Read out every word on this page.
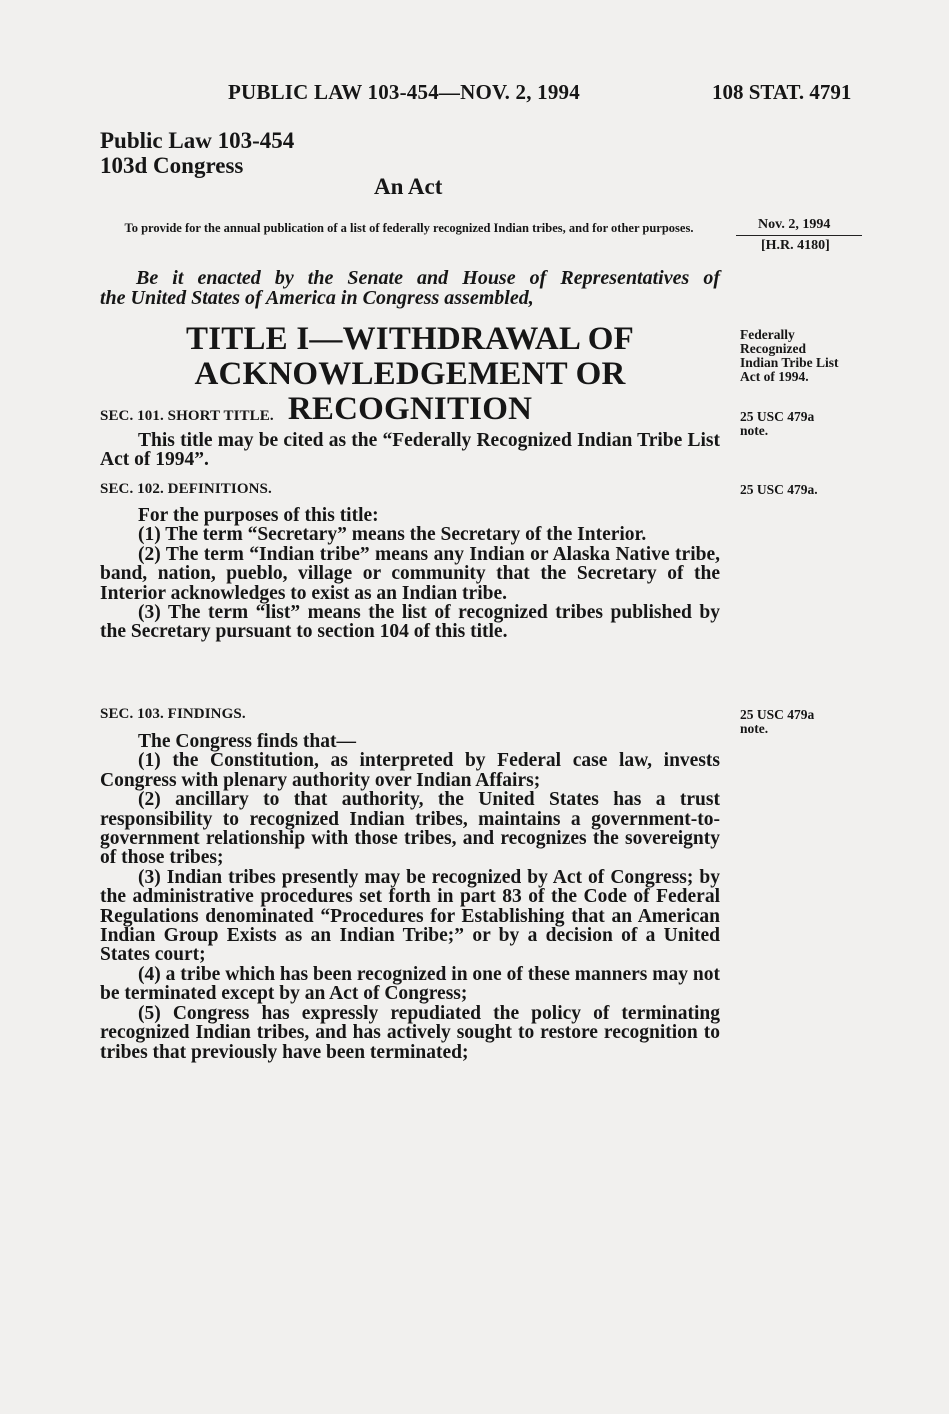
PUBLIC LAW 103-454—NOV. 2, 1994	108 STAT. 4791
Public Law 103-454
103d Congress
An Act
To provide for the annual publication of a list of federally recognized Indian tribes, and for other purposes.	Nov. 2, 1994
[H.R. 4180]
Be it enacted by the Senate and House of Representatives of
the United States of America in Congress assembled,
TITLE I—WITHDRAWAL OF
ACKNOWLEDGEMENT OR RECOGNITION
Federally
Recognized
Indian Tribe List
Act of 1994.
25 USC 479a
note.
25 USC 479a.
25 USC 479a
note.
SEC. 101. SHORT TITLE.
This title may be cited as the “Federally Recognized Indian Tribe List Act of 1994”.
SEC. 102. DEFINITIONS.
For the purposes of this title:
(1) The term “Secretary” means the Secretary of the Interior.
(2) The term “Indian tribe” means any Indian or Alaska Native tribe, band, nation, pueblo, village or community that the Secretary of the Interior acknowledges to exist as an Indian tribe.
(3) The term “list” means the list of recognized tribes published by the Secretary pursuant to section 104 of this title.
SEC. 103. FINDINGS.
The Congress finds that—
(1) the Constitution, as interpreted by Federal case law, invests Congress with plenary authority over Indian Affairs;
(2) ancillary to that authority, the United States has a trust responsibility to recognized Indian tribes, maintains a government-to-government relationship with those tribes, and recognizes the sovereignty of those tribes;
(3) Indian tribes presently may be recognized by Act of Congress; by the administrative procedures set forth in part 83 of the Code of Federal Regulations denominated “Procedures for Establishing that an American Indian Group Exists as an Indian Tribe;” or by a decision of a United States court;
(4) a tribe which has been recognized in one of these manners may not be terminated except by an Act of Congress;
(5) Congress has expressly repudiated the policy of terminating recognized Indian tribes, and has actively sought to restore recognition to tribes that previously have been terminated;
